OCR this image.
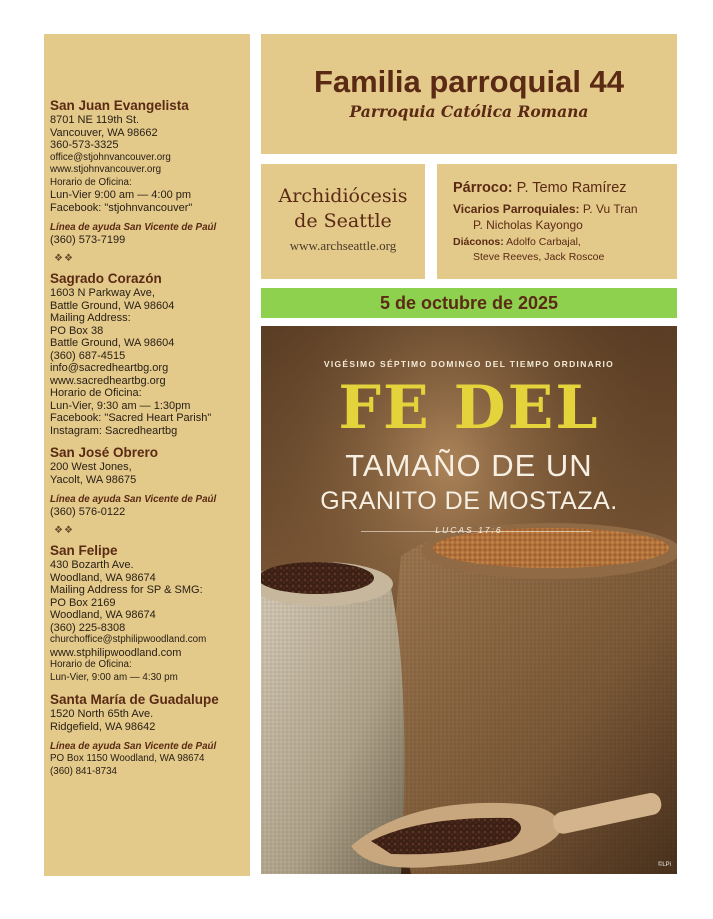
San Juan Evangelista
8701 NE 119th St.
Vancouver, WA 98662
360-573-3325
office@stjohnvancouver.org
www.stjohnvancouver.org
Horario de Oficina:
Lun-Vier 9:00 am — 4:00 pm
Facebook: "stjohnvancouver"
Línea de ayuda San Vicente de Paúl
(360) 573-7199
❖❖
Sagrado Corazón
1603 N Parkway Ave,
Battle Ground, WA 98604
Mailing Address:
PO Box 38
Battle Ground, WA 98604
(360) 687-4515
info@sacredheartbg.org
www.sacredheartbg.org
Horario de Oficina:
Lun-Vier, 9:30 am — 1:30pm
Facebook: "Sacred Heart Parish"
Instagram: Sacredheartbg
San José Obrero
200 West Jones,
Yacolt, WA 98675
Línea de ayuda San Vicente de Paúl
(360) 576-0122
❖❖
San Felipe
430 Bozarth Ave.
Woodland, WA 98674
Mailing Address for SP & SMG:
PO Box 2169
Woodland, WA 98674
(360) 225-8308
churchoffice@stphilipwoodland.com
www.stphilipwoodland.com
Horario de Oficina:
Lun-Vier, 9:00 am — 4:30 pm
Santa María de Guadalupe
1520 North 65th Ave.
Ridgefield, WA 98642
Línea de ayuda San Vicente de Paúl
PO Box 1150 Woodland, WA 98674
(360) 841-8734
Familia parroquial 44
Parroquia Católica Romana
Archidiócesis
de Seattle
www.archseattle.org
Párroco: P. Temo Ramírez
Vicarios Parroquiales: P. Vu Tran
P. Nicholas Kayongo
Diáconos: Adolfo Carbajal,
Steve Reeves, Jack Roscoe
5 de octubre de 2025
VIGÉSIMO SÉPTIMO DOMINGO DEL TIEMPO ORDINARIO
FE DEL
TAMAÑO DE UN
GRANITO DE MOSTAZA.
LUCAS 17:6
©LPi
